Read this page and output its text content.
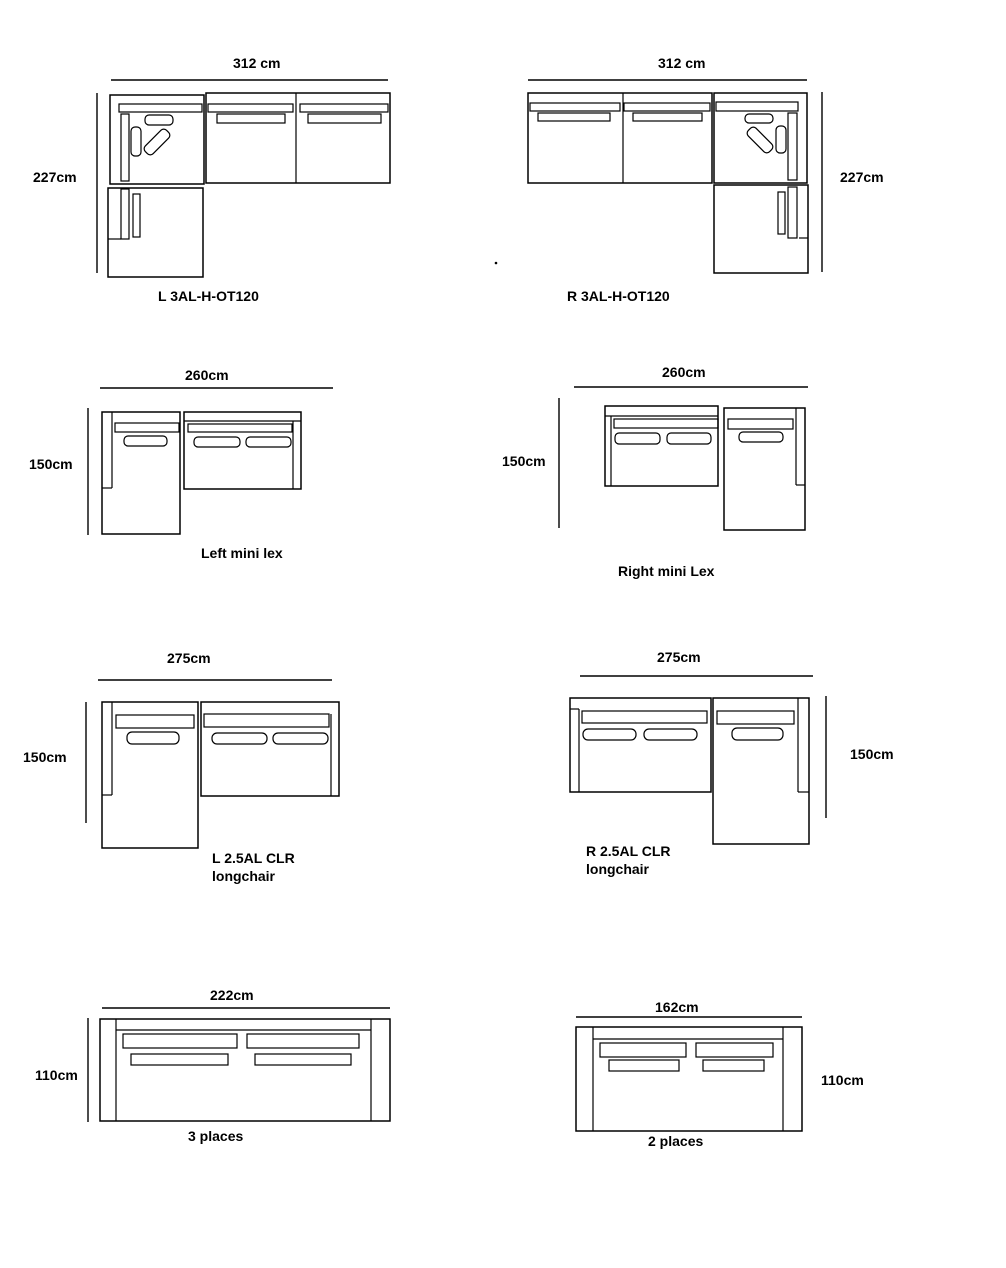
312 cm
227cm
L 3AL-H-OT120
312 cm
227cm
R 3AL-H-OT120
260cm
150cm
Left mini lex
260cm
150cm
Right mini Lex
275cm
150cm
L 2.5AL CLR
longchair
275cm
150cm
R 2.5AL CLR
longchair
222cm
110cm
3 places
162cm
110cm
2 places
